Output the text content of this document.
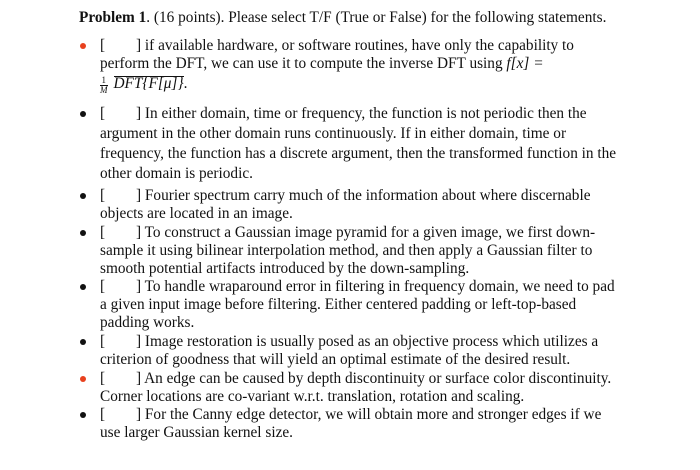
Problem 1. (16 points). Please select T/F (True or False) for the following statements.
[ ] if available hardware, or software routines, have only the capability to
perform the DFT, we can use it to compute the inverse DFT using f[x] =
$\frac{1}{M} DFT\{F[\mu]\}$.
[ ] In either domain, time or frequency, the function is not periodic then the
argument in the other domain runs continuously. If in either domain, time or
frequency, the function has a discrete argument, then the transformed function in the
other domain is periodic.
[ ] Fourier spectrum carry much of the information about where discernable
objects are located in an image.
[ ] To construct a Gaussian image pyramid for a given image, we first down-
sample it using bilinear interpolation method, and then apply a Gaussian filter to
smooth potential artifacts introduced by the down-sampling.
[ ] To handle wraparound error in filtering in frequency domain, we need to pad
a given input image before filtering. Either centered padding or left-top-based
padding works.
[ ] Image restoration is usually posed as an objective process which utilizes a
criterion of goodness that will yield an optimal estimate of the desired result.
[ ] An edge can be caused by depth discontinuity or surface color discontinuity.
Corner locations are co-variant w.r.t. translation, rotation and scaling.
[ ] For the Canny edge detector, we will obtain more and stronger edges if we
use larger Gaussian kernel size.
